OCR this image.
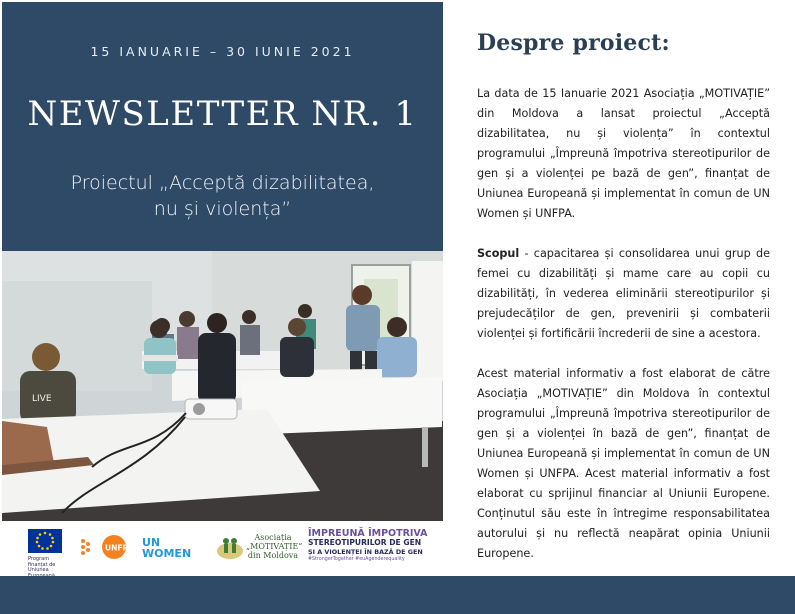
15 IANUARIE – 30 IUNIE 2021
NEWSLETTER NR. 1
Proiectul „Acceptă dizabilitatea,
nu și violența”
LIVE
Program finanțat de Uniunea
UNFPA UN
WOMEN
Asociația
„MOTIVAȚIE”
din Moldova
ÎMPREUNĂ ÎMPOTRIVA
STEREOTIPURILOR DE GEN
ȘI A VIOLENȚEI ÎN BAZĂ DE GEN
#StrongerTogether #euAgenderequality
Despre proiect:

La data de 15 Ianuarie 2021 Asociația „MOTIVAȚIE” din Moldova a lansat proiectul „Acceptă dizabilitatea, nu și violența” în contextul programului „Împreună împotriva stereotipurilor de gen și a violenței pe bază de gen”, finanțat de Uniunea Europeană și implementat în comun de UN Women și UNFPA.

Scopul - capacitarea și consolidarea unui grup de femei cu dizabilități și mame care au copii cu dizabilități, în vederea eliminării stereotipurilor și prejudecăților de gen, prevenirii și combaterii violenței și fortificării încrederii de sine a acestora.

Acest material informativ a fost elaborat de către Asociația „MOTIVAȚIE” din Moldova în contextul programului „Împreună împotriva stereotipurilor de gen și a violenței în bază de gen”, finanțat de Uniunea Europeană și implementat în comun de UN Women și UNFPA. Acest material informativ a fost elaborat cu sprijinul financiar al Uniunii Europene. Conținutul său este în întregime responsabilitatea autorului și nu reflectă neapărat opinia Uniunii Europene.
